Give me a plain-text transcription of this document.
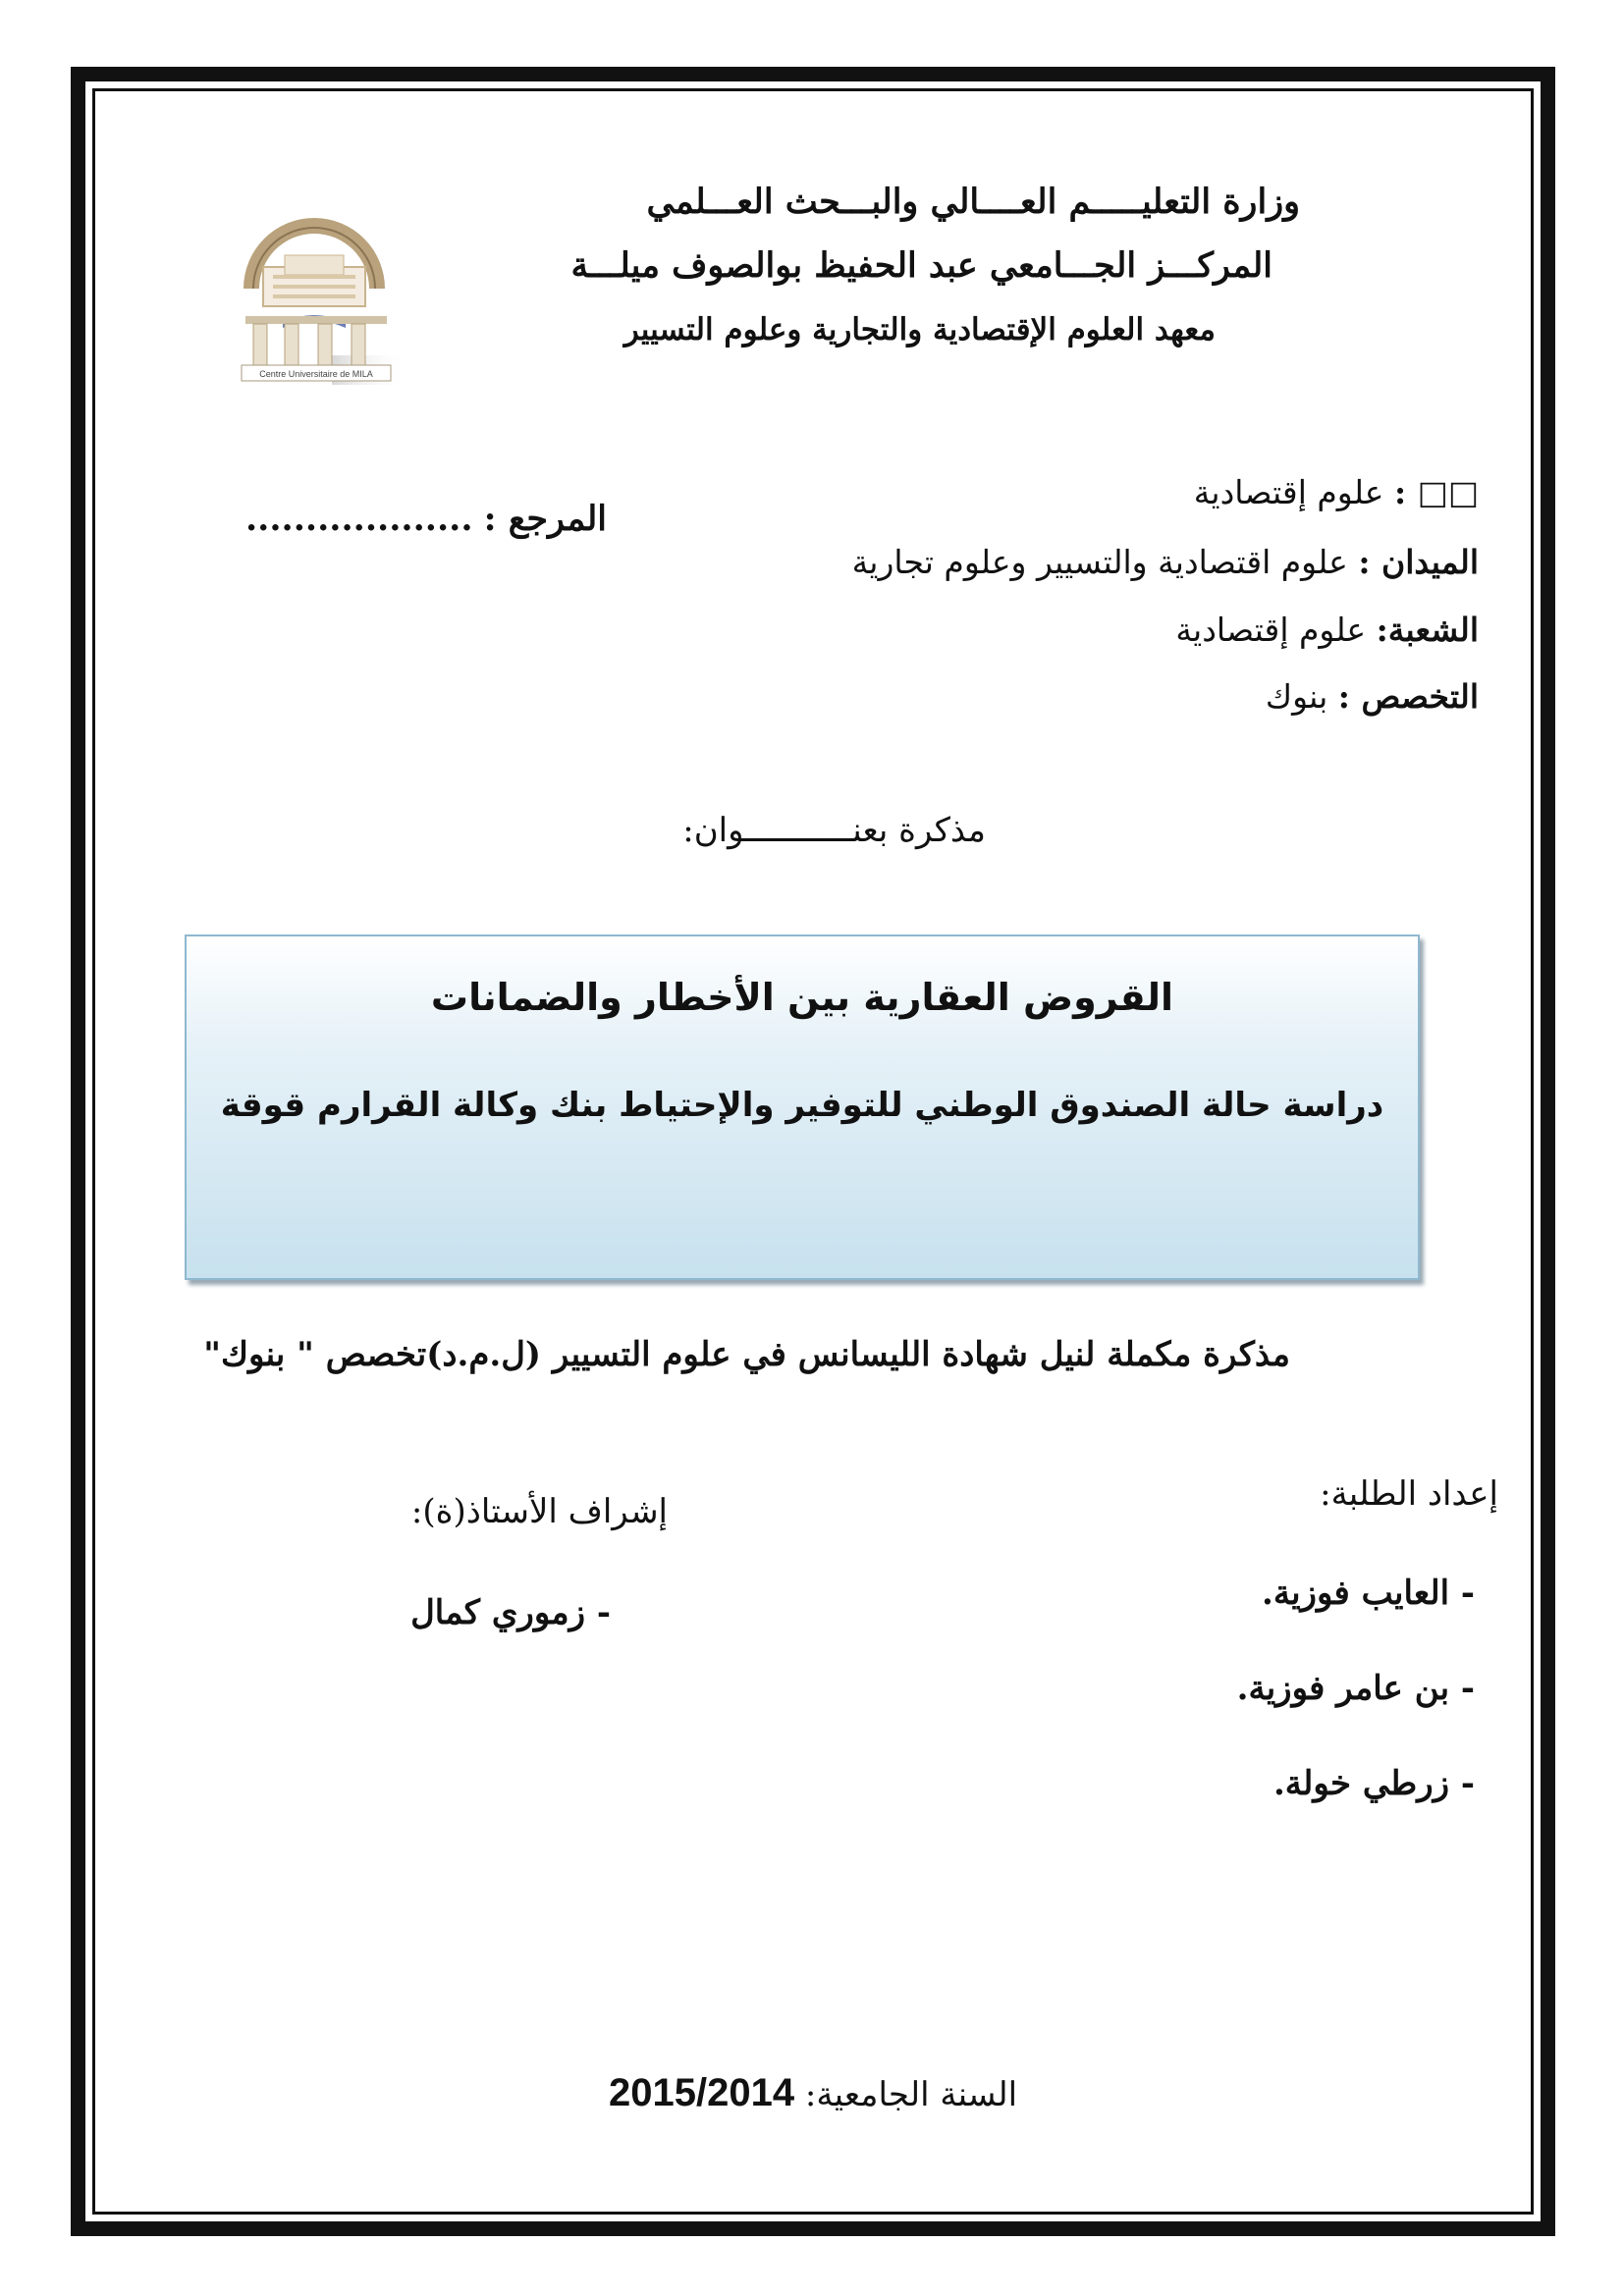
وزارة التعليـــــم العــــالي والبـــحث العـــلمي
المركـــز الجـــامعي عبد الحفيظ بوالصوف ميلـــة
معهد العلوم الإقتصادية والتجارية وعلوم التسيير
Centre Universitaire de MILA
المرجع : ...................
□□ : علوم إقتصادية
الميدان : علوم اقتصادية والتسيير وعلوم تجارية
الشعبة: علوم إقتصادية
التخصص : بنوك
مذكرة بعنـــــــــــوان:
القروض العقارية بين الأخطار والضمانات
دراسة حالة الصندوق الوطني للتوفير والإحتياط بنك وكالة القرارم قوقة
مذكرة مكملة لنيل شهادة الليسانس في علوم التسيير (ل.م.د)تخصص " بنوك"
إعداد الطلبة:
- العايب فوزية.
- بن عامر فوزية.
- زرطي خولة.
إشراف الأستاذ(ة):
- زموري كمال
السنة الجامعية: 2015/2014
